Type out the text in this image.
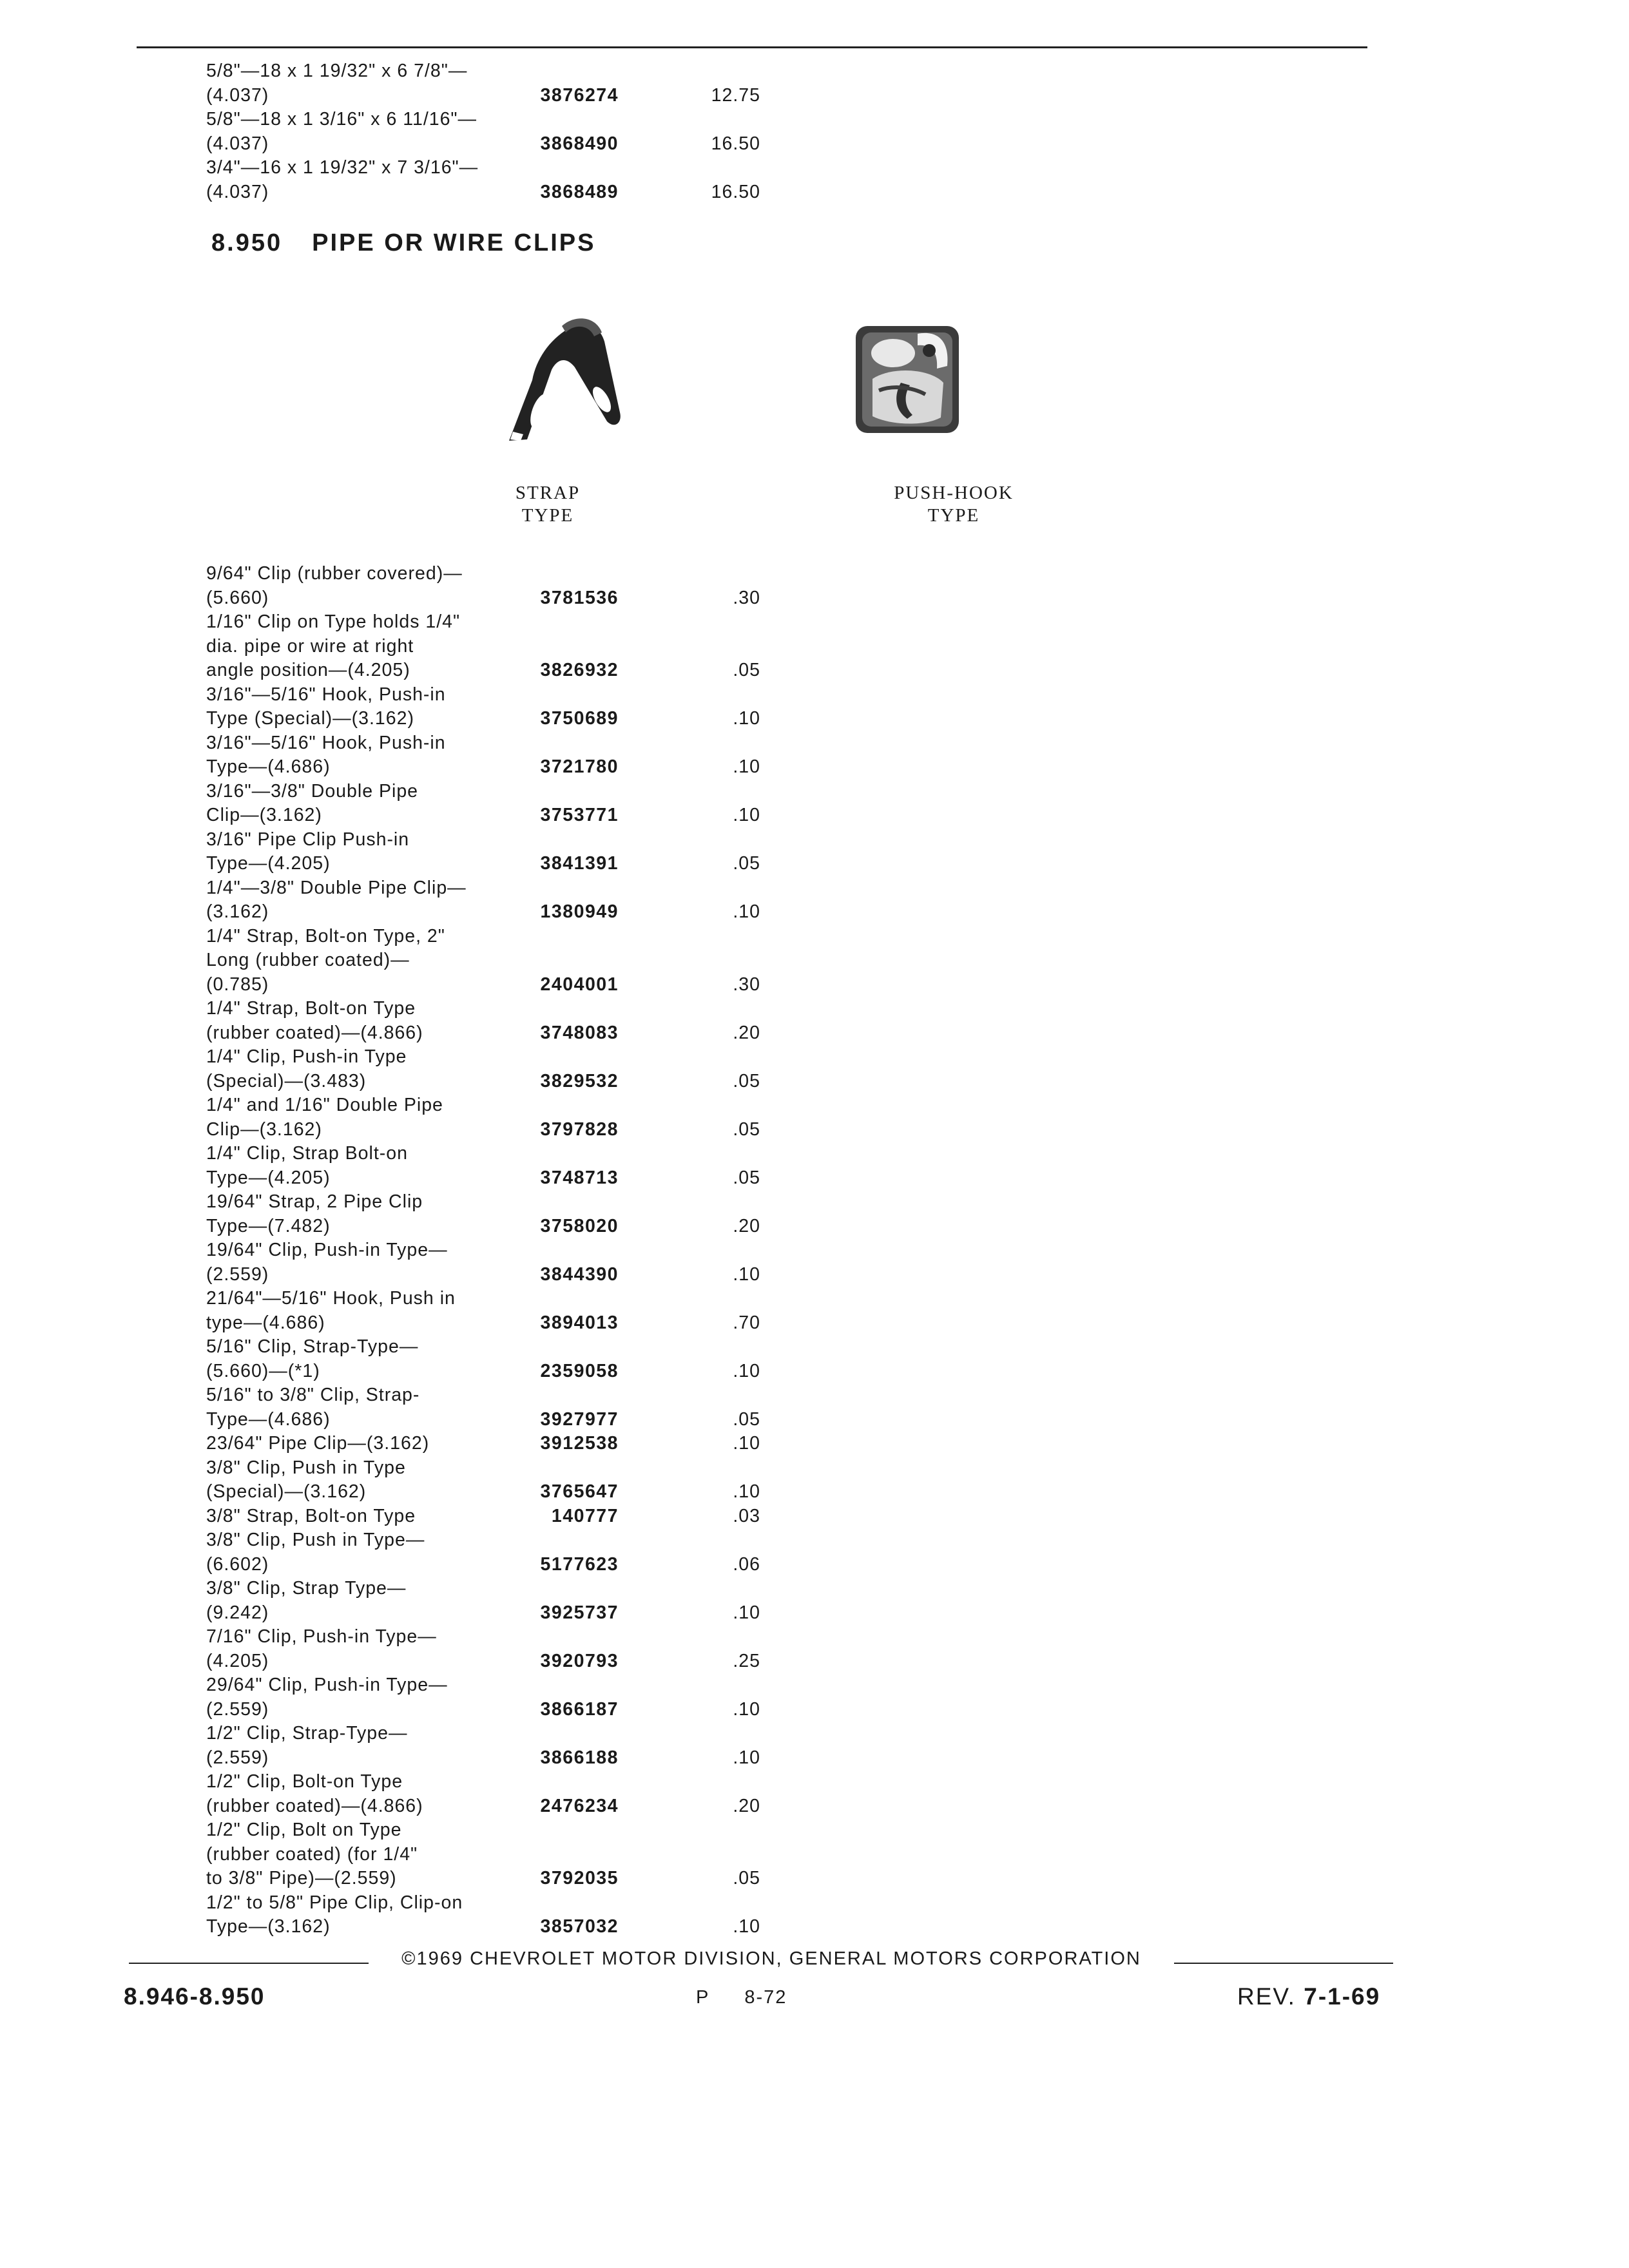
5/8"—18 x 1 19/32" x 6 7/8"—
(4.037)	3876274	12.75
5/8"—18 x 1 3/16" x 6 11/16"—
(4.037)	3868490	16.50
3/4"—16 x 1 19/32" x 7 3/16"—
(4.037)	3868489	16.50
8.950 PIPE OR WIRE CLIPS
STRAP
TYPE
PUSH-HOOK
TYPE
9/64" Clip (rubber covered)—
(5.660)	3781536	.30
1/16" Clip on Type holds 1/4"
dia. pipe or wire at right
angle position—(4.205)	3826932	.05
3/16"—5/16" Hook, Push-in
Type (Special)—(3.162)	3750689	.10
3/16"—5/16" Hook, Push-in
Type—(4.686)	3721780	.10
3/16"—3/8" Double Pipe
Clip—(3.162)	3753771	.10
3/16" Pipe Clip Push-in
Type—(4.205)	3841391	.05
1/4"—3/8" Double Pipe Clip—
(3.162)	1380949	.10
1/4" Strap, Bolt-on Type, 2"
Long (rubber coated)—
(0.785)	2404001	.30
1/4" Strap, Bolt-on Type
(rubber coated)—(4.866)	3748083	.20
1/4" Clip, Push-in Type
(Special)—(3.483)	3829532	.05
1/4" and 1/16" Double Pipe
Clip—(3.162)	3797828	.05
1/4" Clip, Strap Bolt-on
Type—(4.205)	3748713	.05
19/64" Strap, 2 Pipe Clip
Type—(7.482)	3758020	.20
19/64" Clip, Push-in Type—
(2.559)	3844390	.10
21/64"—5/16" Hook, Push in
type—(4.686)	3894013	.70
5/16" Clip, Strap-Type—
(5.660)—(*1)	2359058	.10
5/16" to 3/8" Clip, Strap-
Type—(4.686)	3927977	.05
23/64" Pipe Clip—(3.162)	3912538	.10
3/8" Clip, Push in Type
(Special)—(3.162)	3765647	.10
3/8" Strap, Bolt-on Type	140777	.03
3/8" Clip, Push in Type—
(6.602)	5177623	.06
3/8" Clip, Strap Type—
(9.242)	3925737	.10
7/16" Clip, Push-in Type—
(4.205)	3920793	.25
29/64" Clip, Push-in Type—
(2.559)	3866187	.10
1/2" Clip, Strap-Type—
(2.559)	3866188	.10
1/2" Clip, Bolt-on Type
(rubber coated)—(4.866)	2476234	.20
1/2" Clip, Bolt on Type
(rubber coated) (for 1/4"
to 3/8" Pipe)—(2.559)	3792035	.05
1/2" to 5/8" Pipe Clip, Clip-on
Type—(3.162)	3857032	.10
©1969 CHEVROLET MOTOR DIVISION, GENERAL MOTORS CORPORATION
8.946-8.950	P 8-72	REV. 7-1-69
